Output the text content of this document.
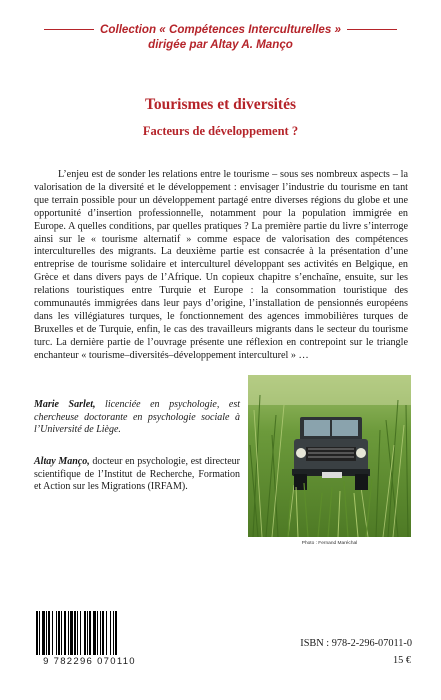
Collection « Compétences Interculturelles »
dirigée par Altay A. Manço
Tourismes et diversités
Facteurs de développement ?

L’enjeu est de sonder les relations entre le tourisme – sous ses nombreux aspects – la valorisation de la diversité et le développement : envisager l’industrie du tourisme en tant que terrain possible pour un développement partagé entre diverses régions du globe et une opportunité d’insertion professionnelle, notamment pour la population immigrée en Europe. A quelles conditions, par quelles pratiques ? La première partie du livre s’interroge ainsi sur le « tourisme alternatif » comme espace de valorisation des compétences interculturelles des migrants. La deuxième partie est consacrée à la présentation d’une entreprise de tourisme solidaire et interculturel développant ses activités en Belgique, en Grèce et dans divers pays de l’Afrique. Un copieux chapitre s’enchaîne, ensuite, sur les relations touristiques entre Turquie et Europe : la consommation touristique des communautés immigrées dans leur pays d’origine, l’installation de pensionnés européens dans les villégiatures turques, le fonctionnement des agences immobilières turques de Bruxelles et de Turquie, enfin, le cas des travailleurs migrants dans le secteur du tourisme turc. La dernière partie de l’ouvrage présente une réflexion en contrepoint sur le triangle enchanteur « tourisme–diversités–développement interculturel » …

Marie Sarlet, licenciée en psychologie, est chercheuse doctorante en psychologie sociale à l’Université de Liège.

Altay Manço, docteur en psychologie, est directeur scientifique de l’Institut de Recherche, Formation et Action sur les Migrations (IRFAM).

Photo : Fernand Maréchal
9 782296 070110
ISBN : 978-2-296-07011-0
15 €
